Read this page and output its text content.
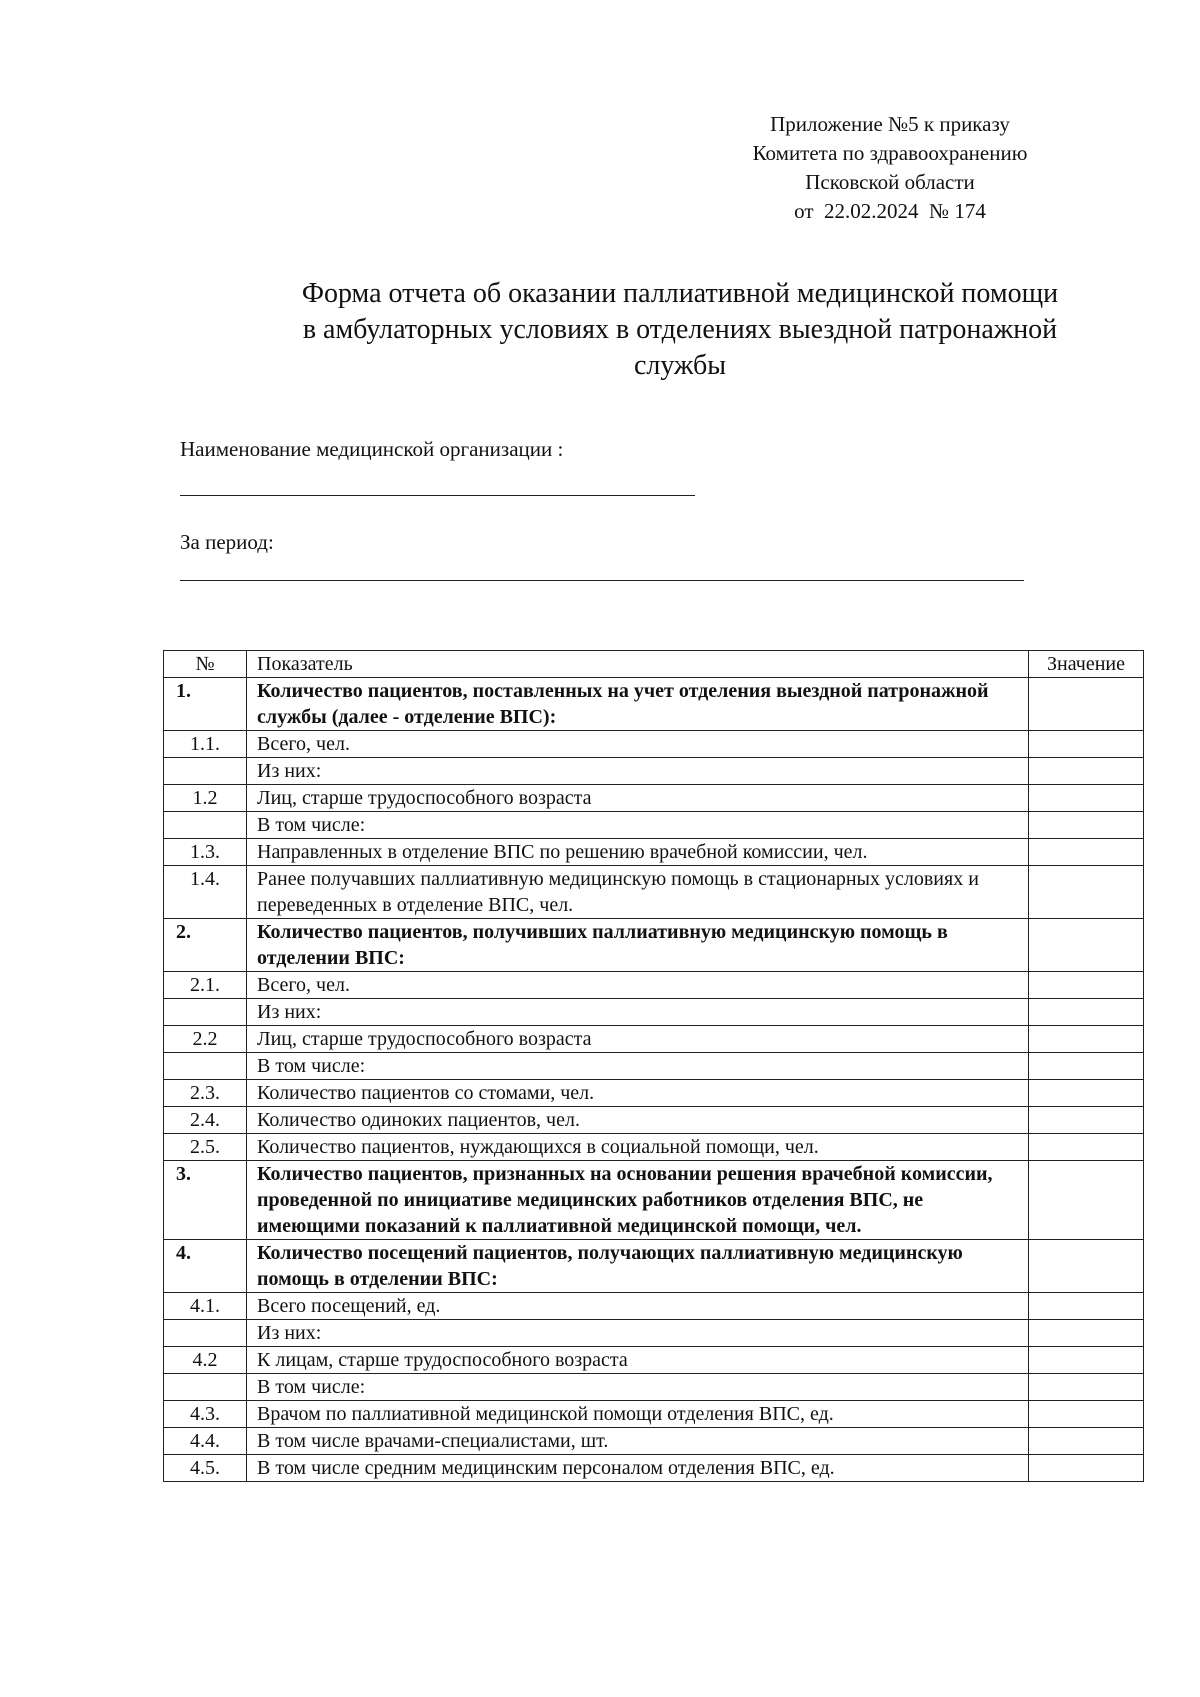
Приложение №5 к приказу
Комитета по здравоохранению
Псковской области
от  22.02.2024  № 174
Форма отчета об оказании паллиативной медицинской помощи
в амбулаторных условиях в отделениях выездной патронажной
службы
Наименование медицинской организации :
За период:
№	Показатель	Значение
1.	Количество пациентов, поставленных на учет отделения выездной патронажной службы (далее - отделение ВПС):	
1.1.	Всего, чел.	
	Из них:	
1.2	Лиц, старше трудоспособного возраста	
	В том числе:	
1.3.	Направленных в отделение ВПС по решению врачебной комиссии, чел.	
1.4.	Ранее получавших паллиативную медицинскую помощь в стационарных условиях и переведенных в отделение ВПС, чел.	
2.	Количество пациентов, получивших паллиативную медицинскую помощь в отделении ВПС:	
2.1.	Всего, чел.	
	Из них:	
2.2	Лиц, старше трудоспособного возраста	
	В том числе:	
2.3.	Количество пациентов со стомами, чел.	
2.4.	Количество одиноких пациентов, чел.	
2.5.	Количество пациентов, нуждающихся в социальной помощи, чел.	
3.	Количество пациентов, признанных на основании решения врачебной комиссии, проведенной по инициативе медицинских работников отделения ВПС, не имеющими показаний к паллиативной медицинской помощи, чел.	
4.	Количество посещений пациентов, получающих паллиативную медицинскую помощь в отделении ВПС:	
4.1.	Всего посещений, ед.	
	Из них:	
4.2	К лицам, старше трудоспособного возраста	
	В том числе:	
4.3.	Врачом по паллиативной медицинской помощи отделения ВПС, ед.	
4.4.	В том числе врачами-специалистами, шт.	
4.5.	В том числе средним медицинским персоналом отделения ВПС, ед.	
